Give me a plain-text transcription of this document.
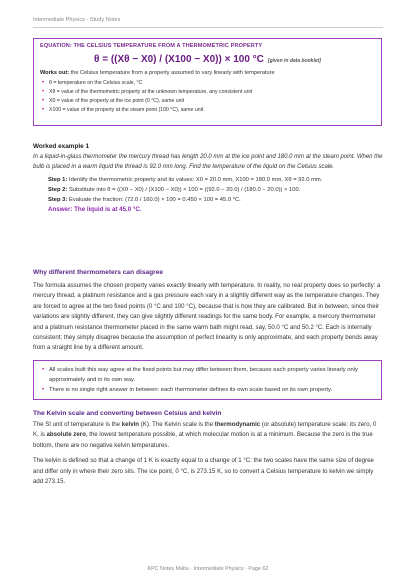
Intermediate Physics · Study Notes
EQUATION: THE CELSIUS TEMPERATURE FROM A THERMOMETRIC PROPERTY
θ = ((Xθ − X0) / (X100 − X0)) × 100 °C [given in data booklet]
Works out: the Celsius temperature from a property assumed to vary linearly with temperature
• θ = temperature on the Celsius scale, °C
• Xθ = value of the thermometric property at the unknown temperature, any consistent unit
• X0 = value of the property at the ice point (0 °C), same unit
• X100 = value of the property at the steam point (100 °C), same unit
Worked example 1

In a liquid-in-glass thermometer the mercury thread has length 20.0 mm at the ice point and 180.0 mm at the steam point. When the bulb is placed in a warm liquid the thread is 92.0 mm long. Find the temperature of the liquid on the Celsius scale.

Step 1: Identify the thermometric property and its values: X0 = 20.0 mm, X100 = 180.0 mm, Xθ = 92.0 mm.
Step 2: Substitute into θ = ((Xθ − X0) / (X100 − X0)) × 100 = ((92.0 − 20.0) / (180.0 − 20.0)) × 100.
Step 3: Evaluate the fraction: (72.0 / 160.0) × 100 = 0.450 × 100 = 45.0 °C.
Answer: The liquid is at 45.0 °C.
Why different thermometers can disagree

The formula assumes the chosen property varies exactly linearly with temperature. In reality, no real property does so perfectly: a mercury thread, a platinum resistance and a gas pressure each vary in a slightly different way as the temperature changes. They are forced to agree at the two fixed points (0 °C and 100 °C), because that is how they are calibrated. But in between, since their variations are slightly different, they can give slightly different readings for the same body. For example, a mercury thermometer and a platinum resistance thermometer placed in the same warm bath might read, say, 50.0 °C and 50.2 °C. Each is internally consistent; they simply disagree because the assumption of perfect linearity is only approximate, and each property bends away from a straight line by a different amount.

• All scales built this way agree at the fixed points but may differ between them, because each property varies linearly only approximately and in its own way.
• There is no single right answer in between: each thermometer defines its own scale based on its own property.
The Kelvin scale and converting between Celsius and kelvin

The SI unit of temperature is the kelvin (K). The Kelvin scale is the thermodynamic (or absolute) temperature scale: its zero, 0 K, is absolute zero, the lowest temperature possible, at which molecular motion is at a minimum. Because the zero is the true bottom, there are no negative kelvin temperatures.

The kelvin is defined so that a change of 1 K is exactly equal to a change of 1 °C: the two scales have the same size of degree and differ only in where their zero sits. The ice point, 0 °C, is 273.15 K, so to convert a Celsius temperature to kelvin we simply add 273.15.

KPC Notes Malta · Intermediate Physics · Page 62
